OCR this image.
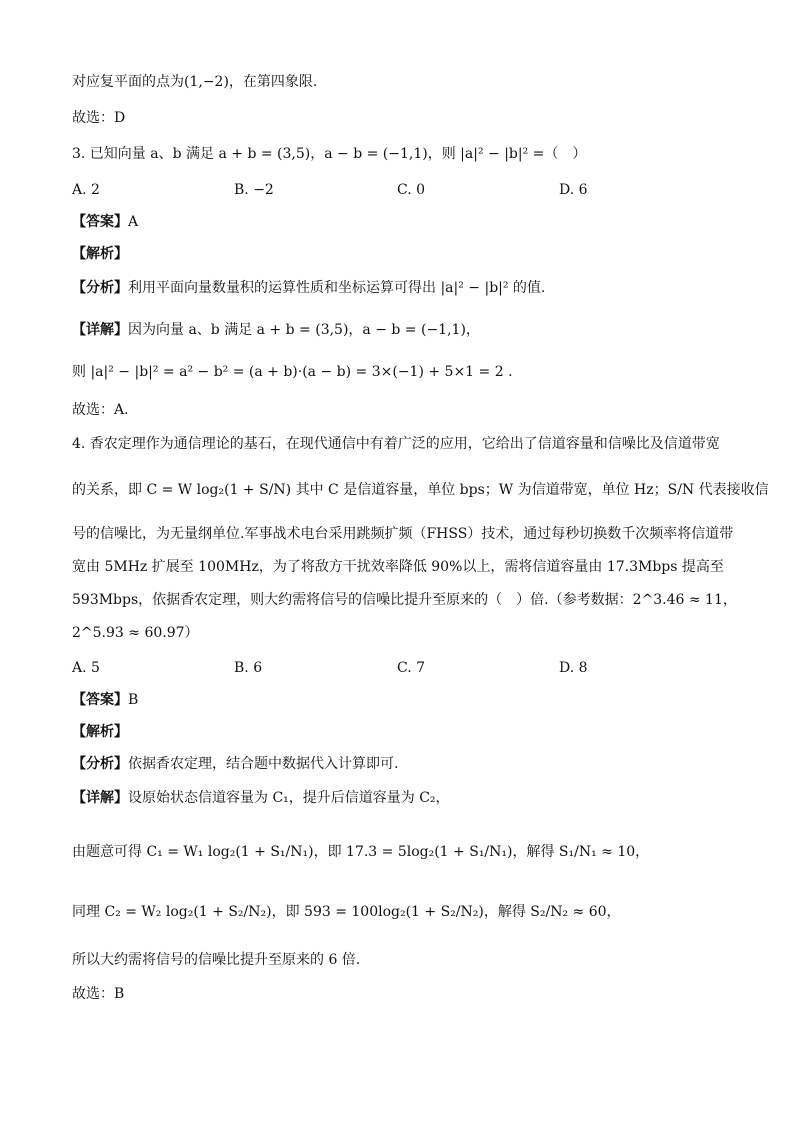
对应复平面的点为(1,−2)，在第四象限.
故选：D
3. 已知向量 a、b 满足 a + b = (3,5)，a − b = (−1,1)，则 |a|² − |b|² =（　）
A. 2	B. −2	C. 0	D. 6
【答案】A
【解析】
【分析】利用平面向量数量积的运算性质和坐标运算可得出 |a|² − |b|² 的值.
【详解】因为向量 a、b 满足 a + b = (3,5)，a − b = (−1,1)，
则 |a|² − |b|² = a² − b² = (a + b)·(a − b) = 3×(−1) + 5×1 = 2 .
故选：A.
4. 香农定理作为通信理论的基石，在现代通信中有着广泛的应用，它给出了信道容量和信噪比及信道带宽
的关系，即 C = W log₂(1 + S/N) 其中 C 是信道容量，单位 bps；W 为信道带宽，单位 Hz；S/N 代表接收信
号的信噪比，为无量纲单位.军事战术电台采用跳频扩频（FHSS）技术，通过每秒切换数千次频率将信道带
宽由 5MHz 扩展至 100MHz，为了将敌方干扰效率降低 90%以上，需将信道容量由 17.3Mbps 提高至
593Mbps，依据香农定理，则大约需将信号的信噪比提升至原来的（　）倍.（参考数据：2^3.46 ≈ 11，
2^5.93 ≈ 60.97）
A. 5	B. 6	C. 7	D. 8
【答案】B
【解析】
【分析】依据香农定理，结合题中数据代入计算即可.
【详解】设原始状态信道容量为 C₁，提升后信道容量为 C₂，
由题意可得 C₁ = W₁ log₂(1 + S₁/N₁)，即 17.3 = 5log₂(1 + S₁/N₁)，解得 S₁/N₁ ≈ 10，
同理 C₂ = W₂ log₂(1 + S₂/N₂)，即 593 = 100log₂(1 + S₂/N₂)，解得 S₂/N₂ ≈ 60，
所以大约需将信号的信噪比提升至原来的 6 倍.
故选：B
